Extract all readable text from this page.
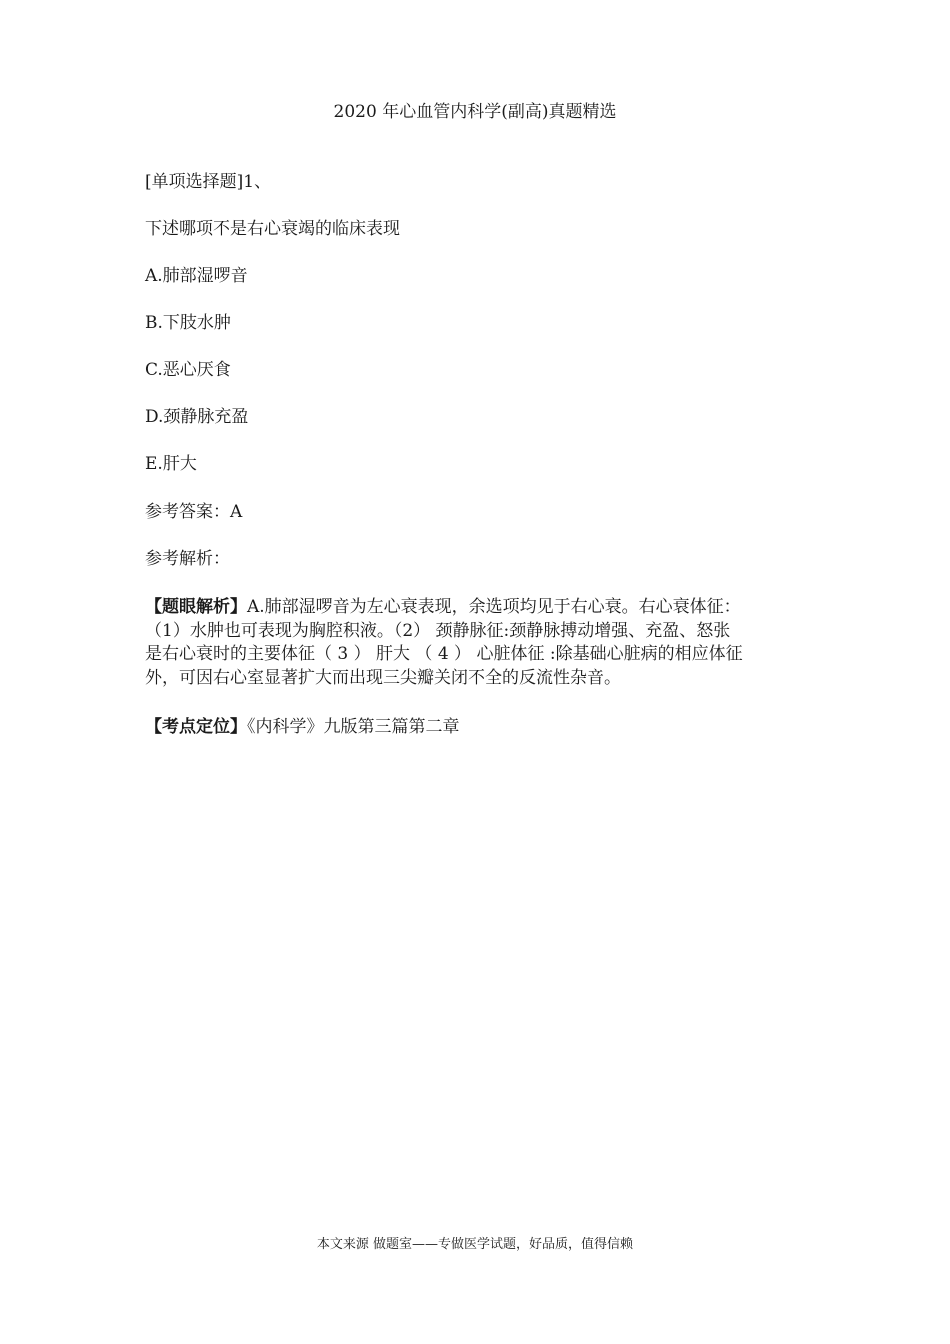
2020 年心血管内科学(副高)真题精选
[单项选择题]1、
下述哪项不是右心衰竭的临床表现
A.肺部湿啰音
B.下肢水肿
C.恶心厌食
D.颈静脉充盈
E.肝大
参考答案：A
参考解析：
【题眼解析】A.肺部湿啰音为左心衰表现，余选项均见于右心衰。右心衰体征：
（1）水肿也可表现为胸腔积液。（2） 颈静脉征:颈静脉搏动增强、充盈、怒张
是右心衰时的主要体征（ 3 ） 肝大 （ 4 ） 心脏体征 :除基础心脏病的相应体征
外，可因右心室显著扩大而出现三尖瓣关闭不全的反流性杂音。
【考点定位】《内科学》九版第三篇第二章
本文来源 做题室——专做医学试题，好品质，值得信赖
